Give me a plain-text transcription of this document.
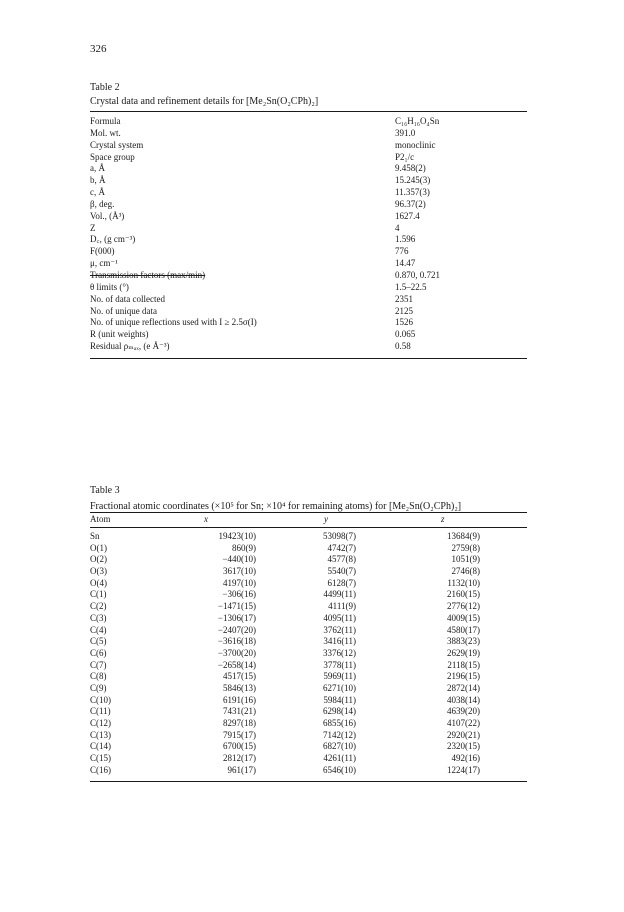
326
Table 2
Crystal data and refinement details for [Me₂Sn(O₂CPh)₂]
Formula	C₁₆H₁₆O₄Sn
Mol. wt.	391.0
Crystal system	monoclinic
Space group	P2₁/c
a, Å	9.458(2)
b, Å	15.245(3)
c, Å	11.357(3)
β, deg.	96.37(2)
Vol., (Å³)	1627.4
Z	4
D꜀, (g cm⁻³)	1.596
F(000)	776
μ, cm⁻¹	14.47
Transmission factors (max/min)	0.870, 0.721
θ limits (°)	1.5–22.5
No. of data collected	2351
No. of unique data	2125
No. of unique reflections used with I ≥ 2.5σ(I)	1526
R (unit weights)	0.065
Residual ρₘₐₓ, (e Å⁻³)	0.58
Table 3
Fractional atomic coordinates (×10⁵ for Sn; ×10⁴ for remaining atoms) for [Me₂Sn(O₂CPh)₂]
Atom	x	y	z
Sn	19423(10)	53098(7)	13684(9)
O(1)	860(9)	4742(7)	2759(8)
O(2)	−440(10)	4577(8)	1051(9)
O(3)	3617(10)	5540(7)	2746(8)
O(4)	4197(10)	6128(7)	1132(10)
C(1)	−306(16)	4499(11)	2160(15)
C(2)	−1471(15)	4111(9)	2776(12)
C(3)	−1306(17)	4095(11)	4009(15)
C(4)	−2407(20)	3762(11)	4580(17)
C(5)	−3616(18)	3416(11)	3883(23)
C(6)	−3700(20)	3376(12)	2629(19)
C(7)	−2658(14)	3778(11)	2118(15)
C(8)	4517(15)	5969(11)	2196(15)
C(9)	5846(13)	6271(10)	2872(14)
C(10)	6191(16)	5984(11)	4038(14)
C(11)	7431(21)	6298(14)	4639(20)
C(12)	8297(18)	6855(16)	4107(22)
C(13)	7915(17)	7142(12)	2920(21)
C(14)	6700(15)	6827(10)	2320(15)
C(15)	2812(17)	4261(11)	492(16)
C(16)	961(17)	6546(10)	1224(17)
